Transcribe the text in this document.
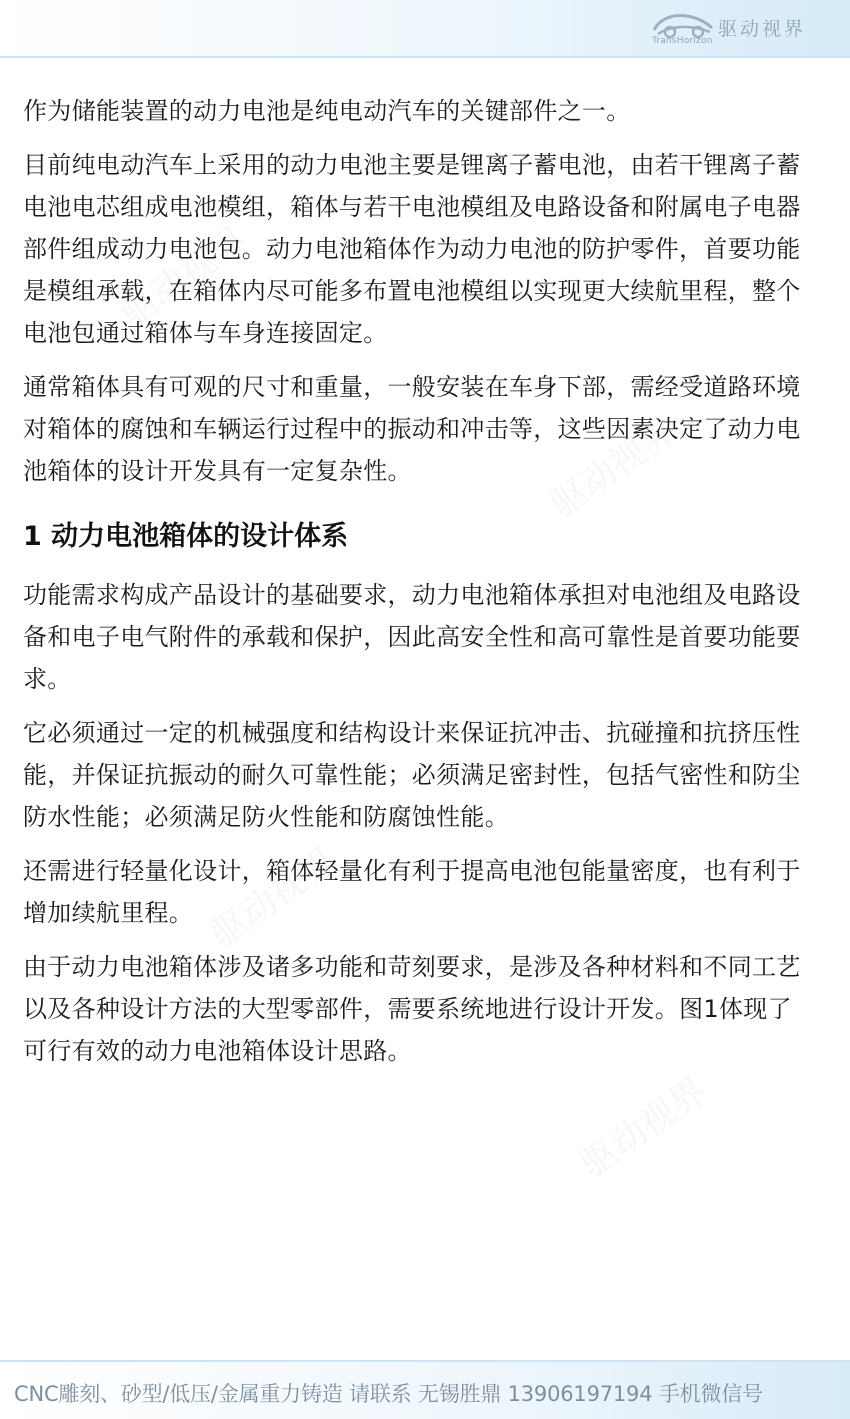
TransHorizon
驱动视界
驱动视界
驱动视界
驱动视界
驱动视界

作为储能装置的动力电池是纯电动汽车的关键部件之一。

目前纯电动汽车上采用的动力电池主要是锂离子蓄电池，由若干锂离子蓄电池电芯组成电池模组，箱体与若干电池模组及电路设备和附属电子电器部件组成动力电池包。动力电池箱体作为动力电池的防护零件，首要功能是模组承载，在箱体内尽可能多布置电池模组以实现更大续航里程，整个电池包通过箱体与车身连接固定。

通常箱体具有可观的尺寸和重量，一般安装在车身下部，需经受道路环境对箱体的腐蚀和车辆运行过程中的振动和冲击等，这些因素决定了动力电池箱体的设计开发具有一定复杂性。

1 动力电池箱体的设计体系

功能需求构成产品设计的基础要求，动力电池箱体承担对电池组及电路设备和电子电气附件的承载和保护，因此高安全性和高可靠性是首要功能要求。

它必须通过一定的机械强度和结构设计来保证抗冲击、抗碰撞和抗挤压性能，并保证抗振动的耐久可靠性能；必须满足密封性，包括气密性和防尘防水性能；必须满足防火性能和防腐蚀性能。

还需进行轻量化设计，箱体轻量化有利于提高电池包能量密度，也有利于增加续航里程。

由于动力电池箱体涉及诸多功能和苛刻要求，是涉及各种材料和不同工艺以及各种设计方法的大型零部件，需要系统地进行设计开发。图1体现了可行有效的动力电池箱体设计思路。

CNC雕刻、砂型/低压/金属重力铸造 请联系 无锡胜鼎 13906197194 手机微信号
